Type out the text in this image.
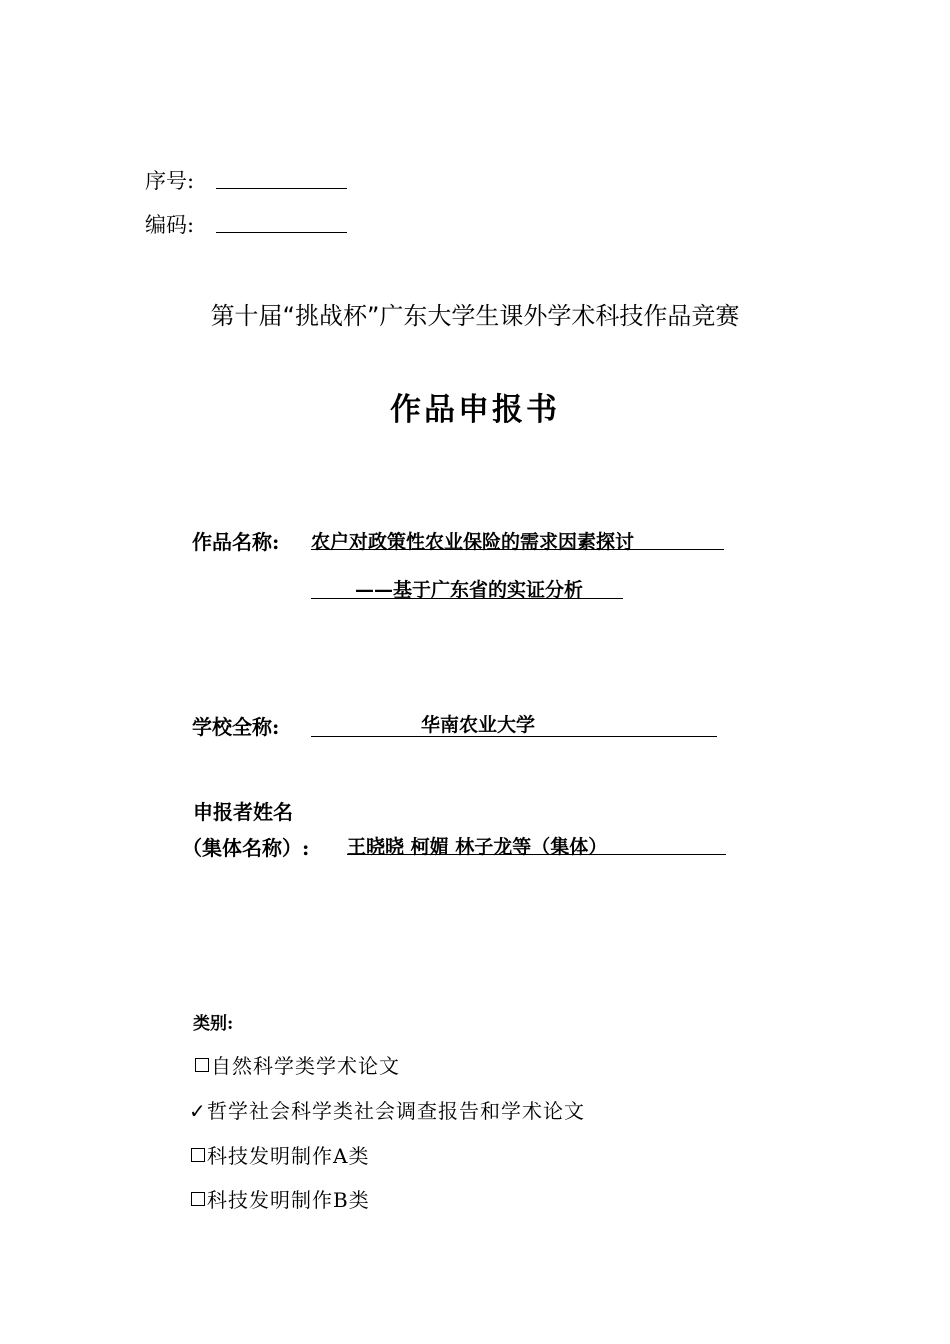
序号:
编码:
第十届“挑战杯”广东大学生课外学术科技作品竞赛
作品申报书
作品名称: 农户对政策性农业保险的需求因素探讨
——基于广东省的实证分析
学校全称:	华南农业大学
申报者姓名
（集体名称）: 王晓晓 柯媚 林子龙等（集体）
类别:
自然科学类学术论文
✓哲学社会科学类社会调查报告和学术论文
科技发明制作A类
科技发明制作B类
